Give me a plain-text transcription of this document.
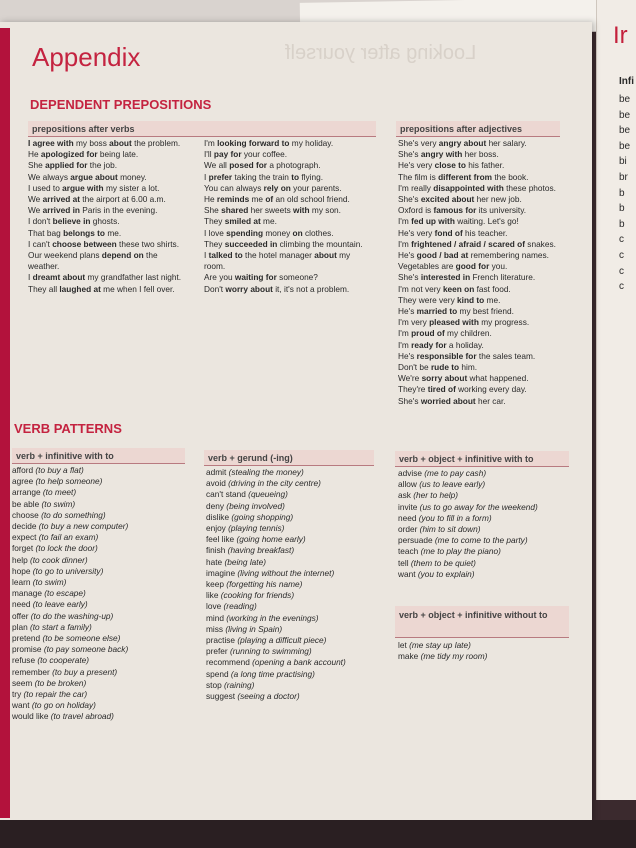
Ir
Infi
be
be
be
be
bi
br
b
b
b
c
c
c
c
Looking after yourself
Appendix
DEPENDENT PREPOSITIONS
prepositions after verbs
I agree with my boss about the problem.
He apologized for being late.
She applied for the job.
We always argue about money.
I used to argue with my sister a lot.
We arrived at the airport at 6.00 a.m.
We arrived in Paris in the evening.
I don't believe in ghosts.
That bag belongs to me.
I can't choose between these two shirts.
Our weekend plans depend on the
weather.
I dreamt about my grandfather last night.
They all laughed at me when I fell over.
I'm looking forward to my holiday.
I'll pay for your coffee.
We all posed for a photograph.
I prefer taking the train to flying.
You can always rely on your parents.
He reminds me of an old school friend.
She shared her sweets with my son.
They smiled at me.
I love spending money on clothes.
They succeeded in climbing the mountain.
I talked to the hotel manager about my
room.
Are you waiting for someone?
Don't worry about it, it's not a problem.
prepositions after adjectives
She's very angry about her salary.
She's angry with her boss.
He's very close to his father.
The film is different from the book.
I'm really disappointed with these photos.
She's excited about her new job.
Oxford is famous for its university.
I'm fed up with waiting. Let's go!
He's very fond of his teacher.
I'm frightened / afraid / scared of snakes.
He's good / bad at remembering names.
Vegetables are good for you.
She's interested in French literature.
I'm not very keen on fast food.
They were very kind to me.
He's married to my best friend.
I'm very pleased with my progress.
I'm proud of my children.
I'm ready for a holiday.
He's responsible for the sales team.
Don't be rude to him.
We're sorry about what happened.
They're tired of working every day.
She's worried about her car.
VERB PATTERNS
verb + infinitive with to
afford (to buy a flat)
agree (to help someone)
arrange (to meet)
be able (to swim)
choose (to do something)
decide (to buy a new computer)
expect (to fail an exam)
forget (to lock the door)
help (to cook dinner)
hope (to go to university)
learn (to swim)
manage (to escape)
need (to leave early)
offer (to do the washing-up)
plan (to start a family)
pretend (to be someone else)
promise (to pay someone back)
refuse (to cooperate)
remember (to buy a present)
seem (to be broken)
try (to repair the car)
want (to go on holiday)
would like (to travel abroad)
verb + gerund (-ing)
admit (stealing the money)
avoid (driving in the city centre)
can't stand (queueing)
deny (being involved)
dislike (going shopping)
enjoy (playing tennis)
feel like (going home early)
finish (having breakfast)
hate (being late)
imagine (living without the internet)
keep (forgetting his name)
like (cooking for friends)
love (reading)
mind (working in the evenings)
miss (living in Spain)
practise (playing a difficult piece)
prefer (running to swimming)
recommend (opening a bank account)
spend (a long time practising)
stop (raining)
suggest (seeing a doctor)
verb + object + infinitive with to
advise (me to pay cash)
allow (us to leave early)
ask (her to help)
invite (us to go away for the weekend)
need (you to fill in a form)
order (him to sit down)
persuade (me to come to the party)
teach (me to play the piano)
tell (them to be quiet)
want (you to explain)
verb + object + infinitive without to
let (me stay up late)
make (me tidy my room)
